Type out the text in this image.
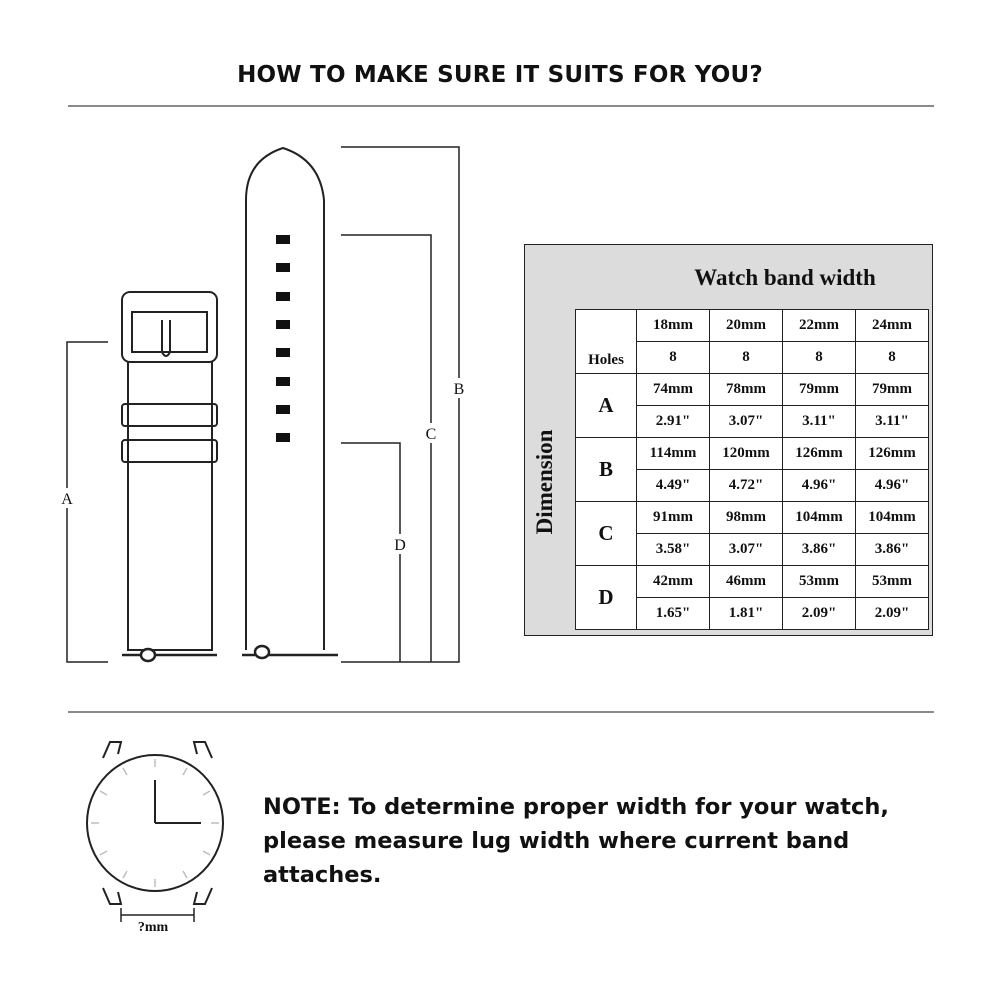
HOW TO MAKE SURE IT SUITS FOR YOU?
A
B
C
D
?mm
Watch band width
Dimension
Holes	18mm	20mm	22mm	24mm
	8	8	8	8
A	74mm	78mm	79mm	79mm
	2.91"	3.07"	3.11"	3.11"
B	114mm	120mm	126mm	126mm
	4.49"	4.72"	4.96"	4.96"
C	91mm	98mm	104mm	104mm
	3.58"	3.07"	3.86"	3.86"
D	42mm	46mm	53mm	53mm
	1.65"	1.81"	2.09"	2.09"
NOTE: To determine proper width for your watch,
please measure lug width where current band attaches.
